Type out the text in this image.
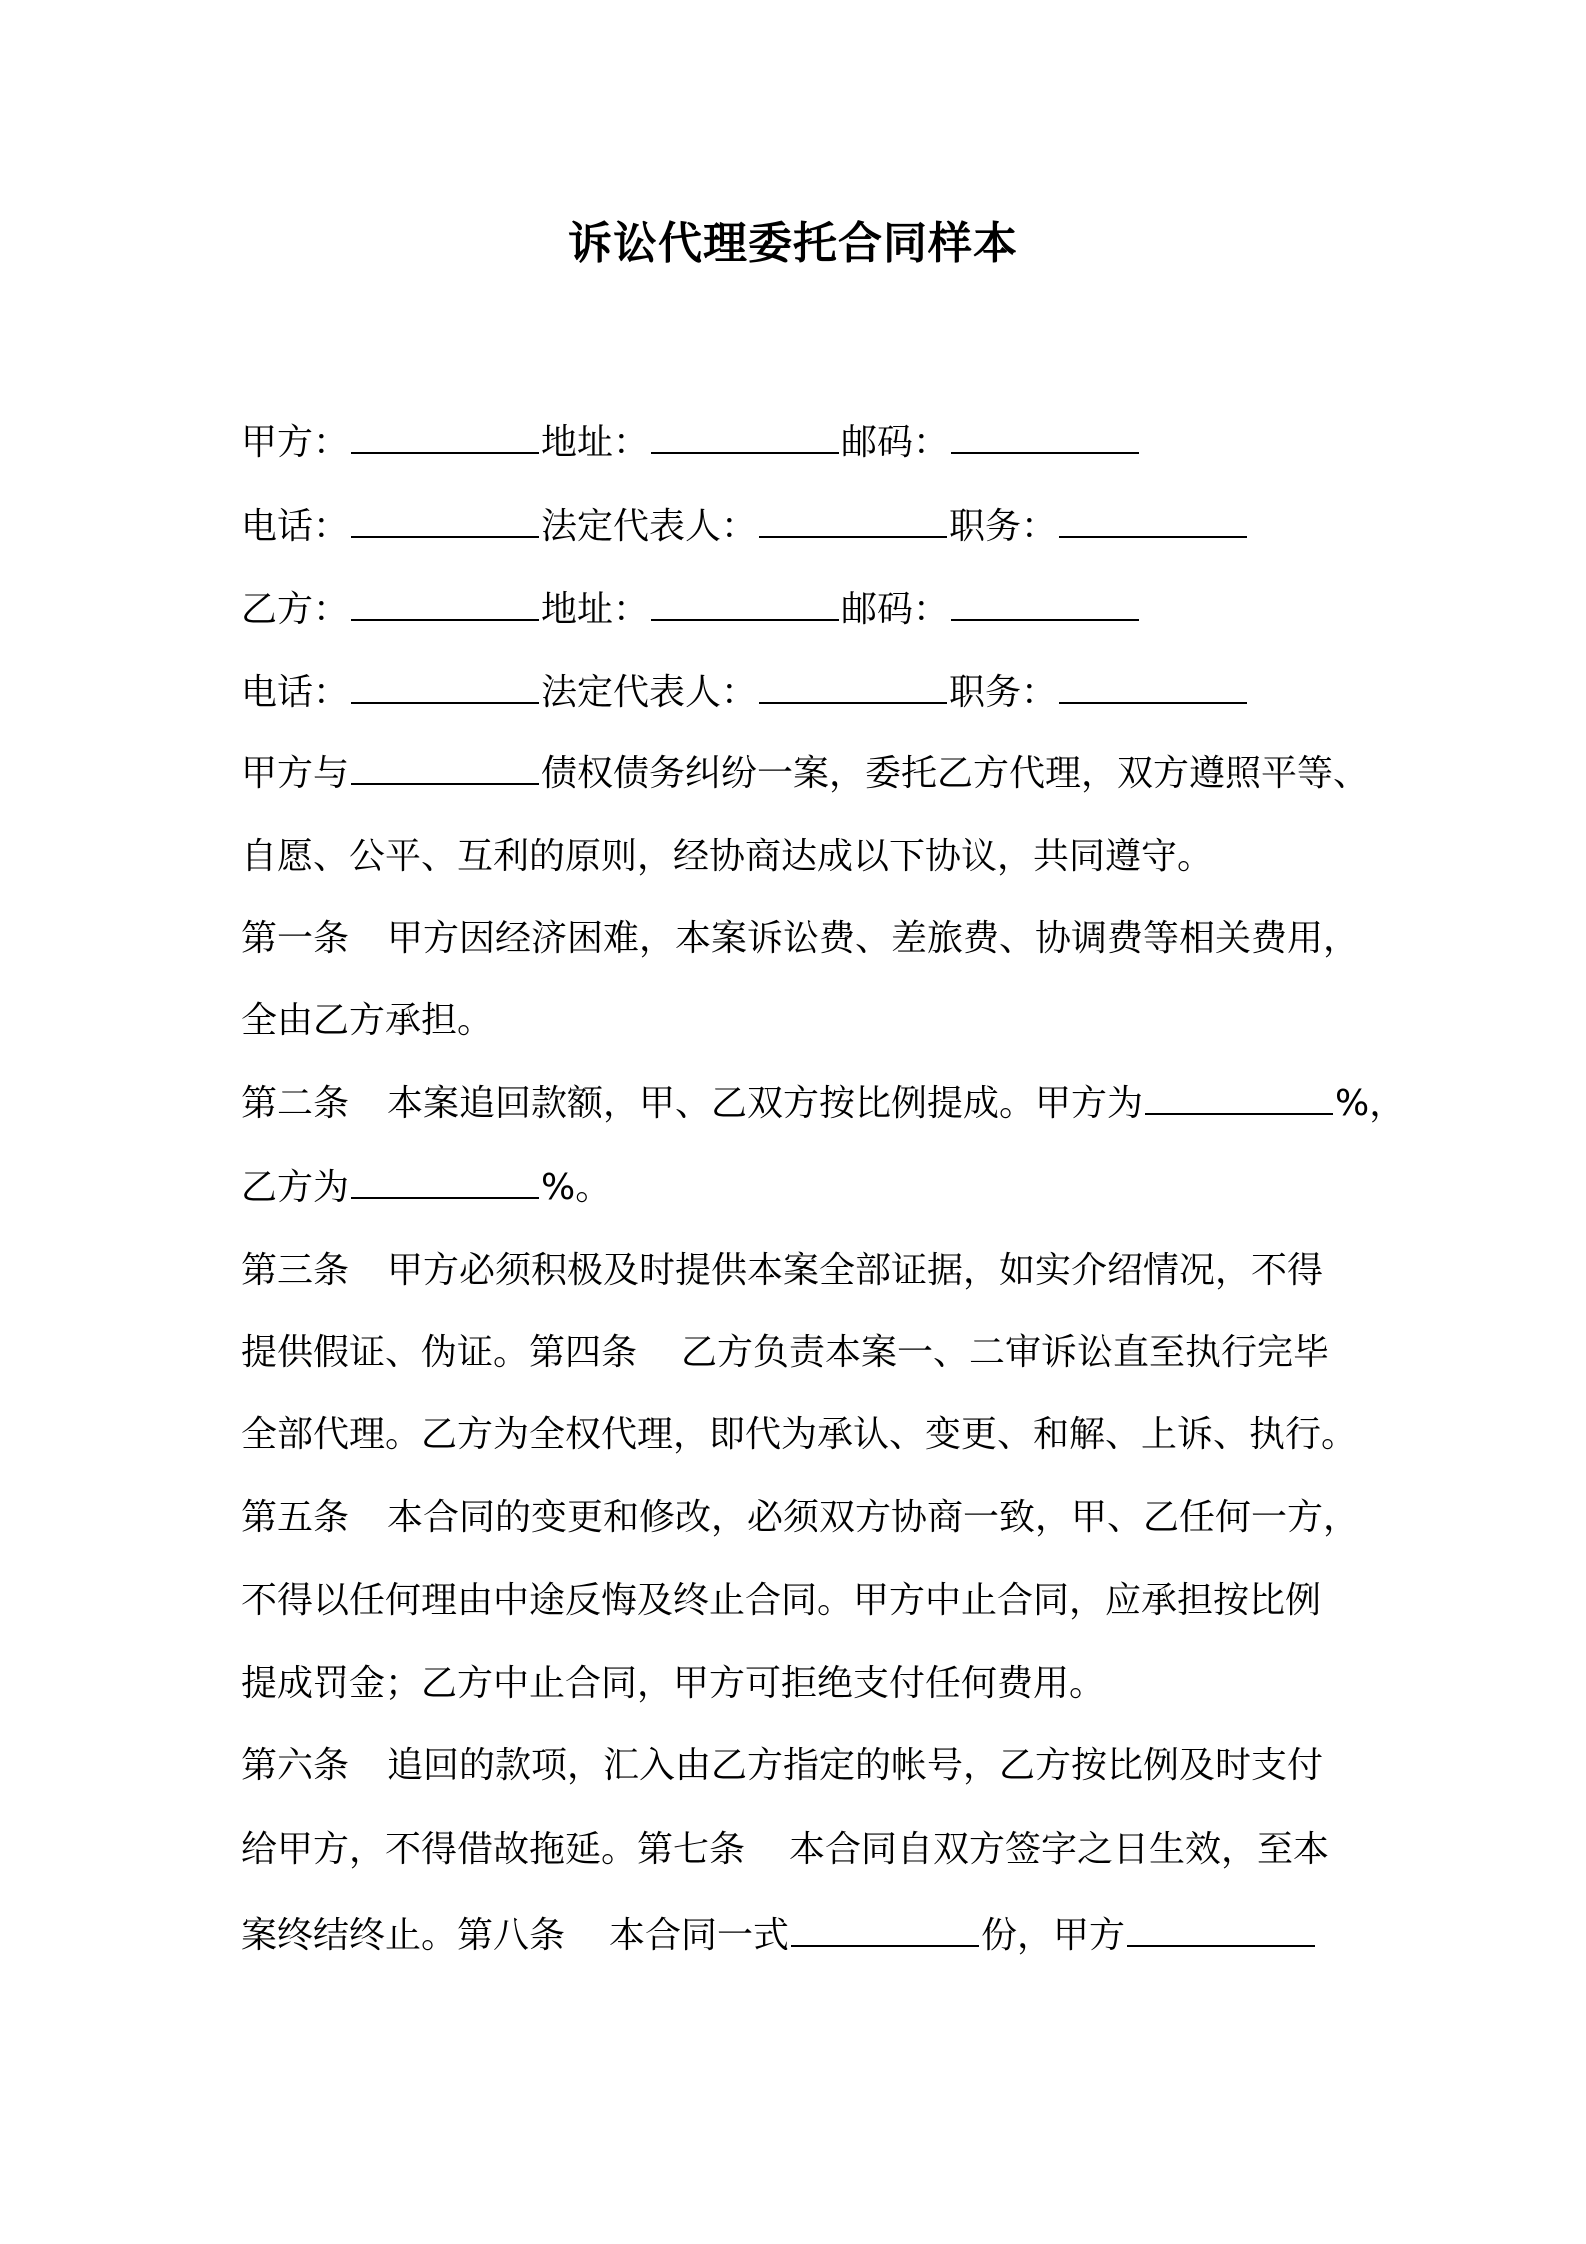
诉讼代理委托合同样本

甲方：	地址：	邮码：

电话：	法定代表人：	职务：

乙方：	地址：	邮码：

电话：	法定代表人：	职务：

甲方与	债权债务纠纷一案，委托乙方代理，双方遵照平等、

自愿、公平、互利的原则，经协商达成以下协议，共同遵守。

第一条 甲方因经济困难，本案诉讼费、差旅费、协调费等相关费用，

全由乙方承担。

第二条 本案追回款额，甲、乙双方按比例提成。甲方为	%，

乙方为	%。

第三条 甲方必须积极及时提供本案全部证据，如实介绍情况，不得

提供假证、伪证。第四条 乙方负责本案一、二审诉讼直至执行完毕

全部代理。乙方为全权代理，即代为承认、变更、和解、上诉、执行。

第五条 本合同的变更和修改，必须双方协商一致，甲、乙任何一方，

不得以任何理由中途反悔及终止合同。甲方中止合同，应承担按比例

提成罚金；乙方中止合同，甲方可拒绝支付任何费用。

第六条 追回的款项，汇入由乙方指定的帐号，乙方按比例及时支付

给甲方，不得借故拖延。第七条 本合同自双方签字之日生效，至本

案终结终止。第八条 本合同一式	份，甲方
